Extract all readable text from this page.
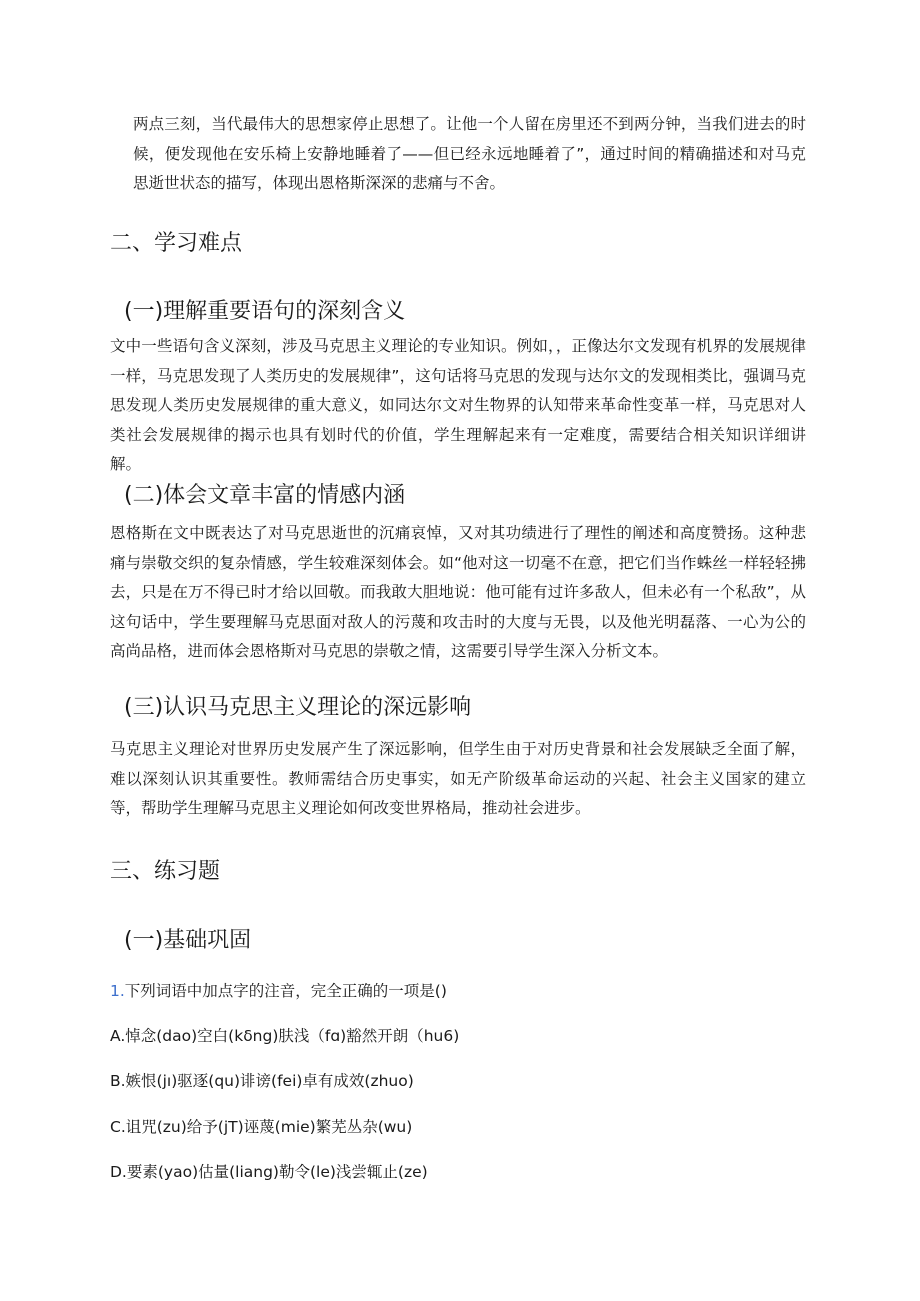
两点三刻，当代最伟大的思想家停止思想了。让他一个人留在房里还不到两分钟，当我们进去的时候，便发现他在安乐椅上安静地睡着了——但已经永远地睡着了”，通过时间的精确描述和对马克思逝世状态的描写，体现出恩格斯深深的悲痛与不舍。

二、学习难点
(一)理解重要语句的深刻含义

文中一些语句含义深刻，涉及马克思主义理论的专业知识。例如，，正像达尔文发现有机界的发展规律一样，马克思发现了人类历史的发展规律”，这句话将马克思的发现与达尔文的发现相类比，强调马克思发现人类历史发展规律的重大意义，如同达尔文对生物界的认知带来革命性变革一样，马克思对人类社会发展规律的揭示也具有划时代的价值，学生理解起来有一定难度，需要结合相关知识详细讲解。

(二)体会文章丰富的情感内涵

恩格斯在文中既表达了对马克思逝世的沉痛哀悼，又对其功绩进行了理性的阐述和高度赞扬。这种悲痛与崇敬交织的复杂情感，学生较难深刻体会。如“他对这一切毫不在意，把它们当作蛛丝一样轻轻拂去，只是在万不得已时才给以回敬。而我敢大胆地说：他可能有过许多敌人，但未必有一个私敌”，从这句话中，学生要理解马克思面对敌人的污蔑和攻击时的大度与无畏，以及他光明磊落、一心为公的高尚品格，进而体会恩格斯对马克思的崇敬之情，这需要引导学生深入分析文本。

(三)认识马克思主义理论的深远影响

马克思主义理论对世界历史发展产生了深远影响，但学生由于对历史背景和社会发展缺乏全面了解，难以深刻认识其重要性。教师需结合历史事实，如无产阶级革命运动的兴起、社会主义国家的建立等，帮助学生理解马克思主义理论如何改变世界格局，推动社会进步。

三、练习题
(一)基础巩固

1.下列词语中加点字的注音，完全正确的一项是()

A.悼念(dao)空白(kδng)肤浅（fɑ)豁然开朗（hu6)

B.嫉恨(jı)驱逐(qu)诽谤(fei)卓有成效(zhuo)

C.诅咒(zu)给予(jT)诬蔑(mie)繁芜丛杂(wu)

D.要素(yao)估量(liang)勒令(le)浅尝辄止(ze)
